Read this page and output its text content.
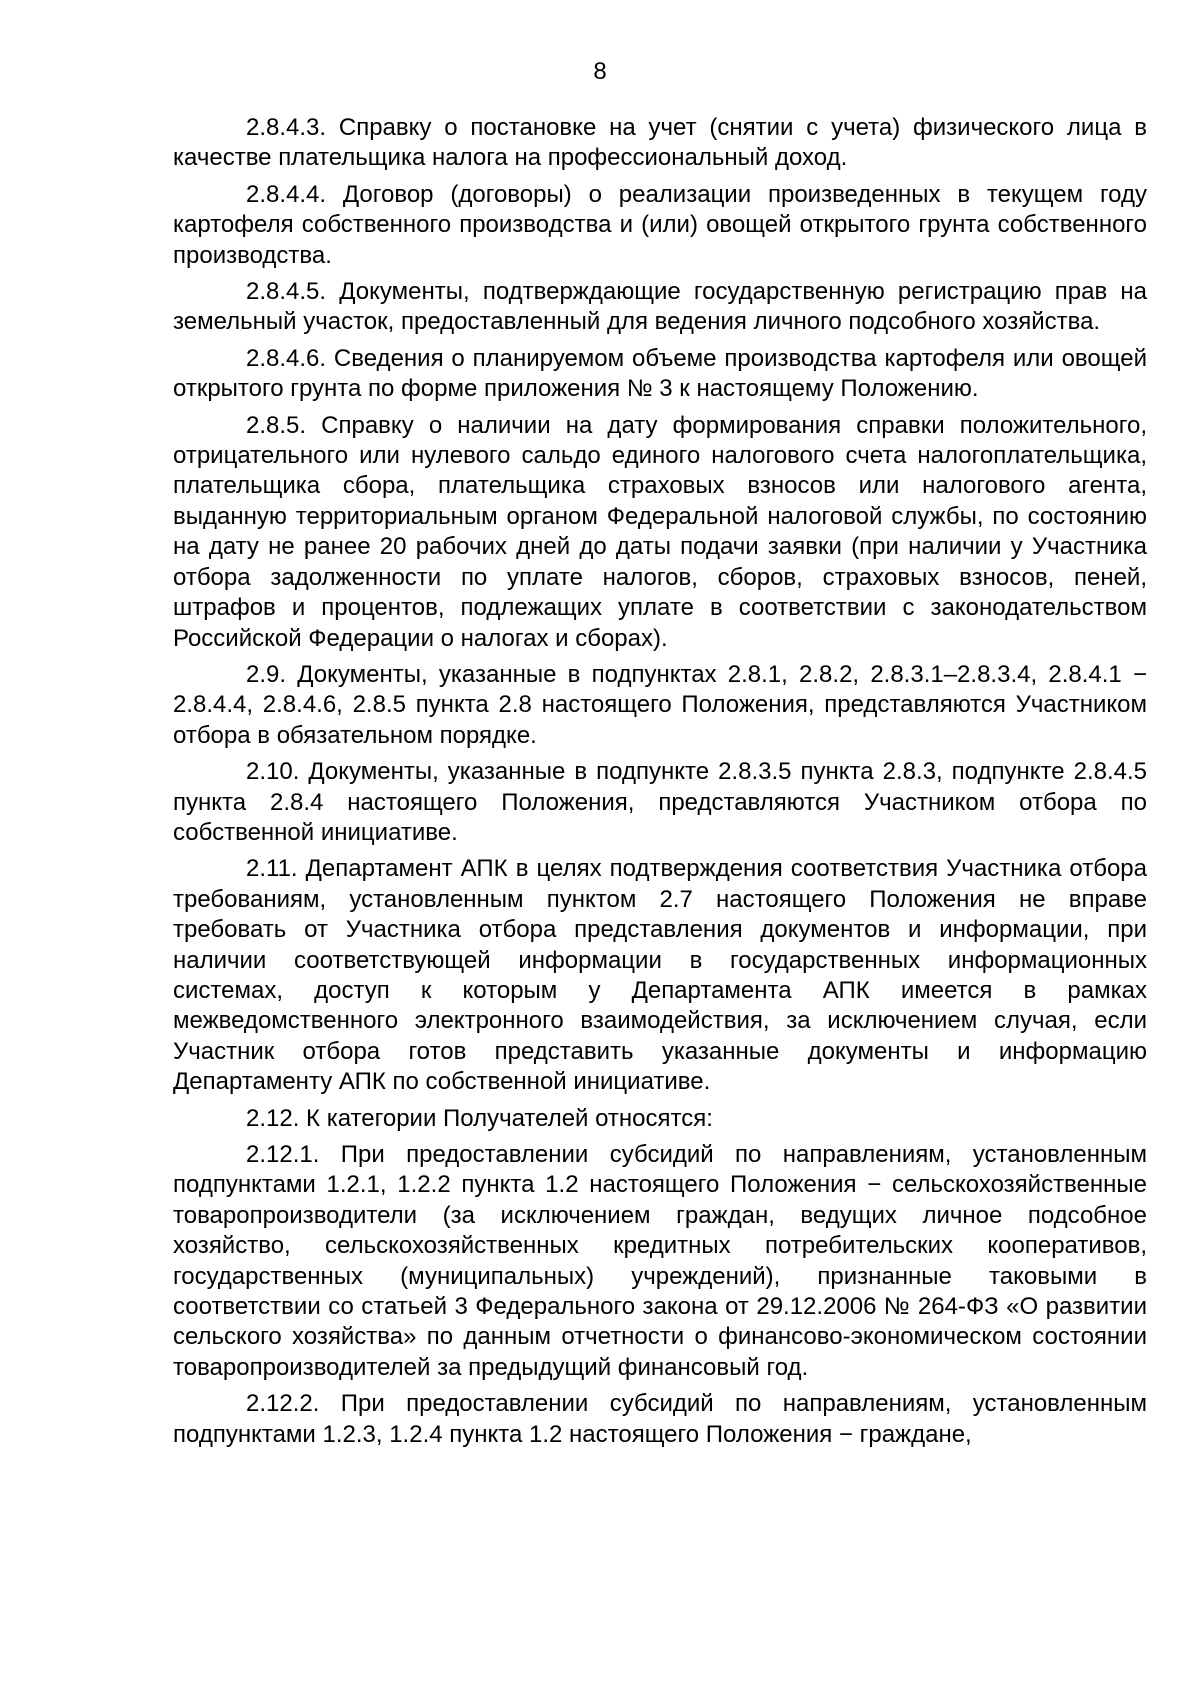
8

2.8.4.3. Справку о постановке на учет (снятии с учета) физического лица в качестве плательщика налога на профессиональный доход.

2.8.4.4. Договор (договоры) о реализации произведенных в текущем году картофеля собственного производства и (или) овощей открытого грунта собственного производства.

2.8.4.5. Документы, подтверждающие государственную регистрацию прав на земельный участок, предоставленный для ведения личного подсобного хозяйства.

2.8.4.6. Сведения о планируемом объеме производства картофеля или овощей открытого грунта по форме приложения № 3 к настоящему Положению.

2.8.5. Справку о наличии на дату формирования справки положительного, отрицательного или нулевого сальдо единого налогового счета налогоплательщика, плательщика сбора, плательщика страховых взносов или налогового агента, выданную территориальным органом Федеральной налоговой службы, по состоянию на дату не ранее 20 рабочих дней до даты подачи заявки (при наличии у Участника отбора задолженности по уплате налогов, сборов, страховых взносов, пеней, штрафов и процентов, подлежащих уплате в соответствии с законодательством Российской Федерации о налогах и сборах).

2.9. Документы, указанные в подпунктах 2.8.1, 2.8.2, 2.8.3.1–2.8.3.4, 2.8.4.1 − 2.8.4.4, 2.8.4.6, 2.8.5 пункта 2.8 настоящего Положения, представляются Участником отбора в обязательном порядке.

2.10. Документы, указанные в подпункте 2.8.3.5 пункта 2.8.3, подпункте 2.8.4.5 пункта 2.8.4 настоящего Положения, представляются Участником отбора по собственной инициативе.

2.11. Департамент АПК в целях подтверждения соответствия Участника отбора требованиям, установленным пунктом 2.7 настоящего Положения не вправе требовать от Участника отбора представления документов и информации, при наличии соответствующей информации в государственных информационных системах, доступ к которым у Департамента АПК имеется в рамках межведомственного электронного взаимодействия, за исключением случая, если Участник отбора готов представить указанные документы и информацию Департаменту АПК по собственной инициативе.

2.12. К категории Получателей относятся:

2.12.1. При предоставлении субсидий по направлениям, установленным подпунктами 1.2.1, 1.2.2 пункта 1.2 настоящего Положения − сельскохозяйственные товаропроизводители (за исключением граждан, ведущих личное подсобное хозяйство, сельскохозяйственных кредитных потребительских кооперативов, государственных (муниципальных) учреждений), признанные таковыми в соответствии со статьей 3 Федерального закона от 29.12.2006 № 264-ФЗ «О развитии сельского хозяйства» по данным отчетности о финансово-экономическом состоянии товаропроизводителей за предыдущий финансовый год.

2.12.2. При предоставлении субсидий по направлениям, установленным подпунктами 1.2.3, 1.2.4 пункта 1.2 настоящего Положения − граждане,
